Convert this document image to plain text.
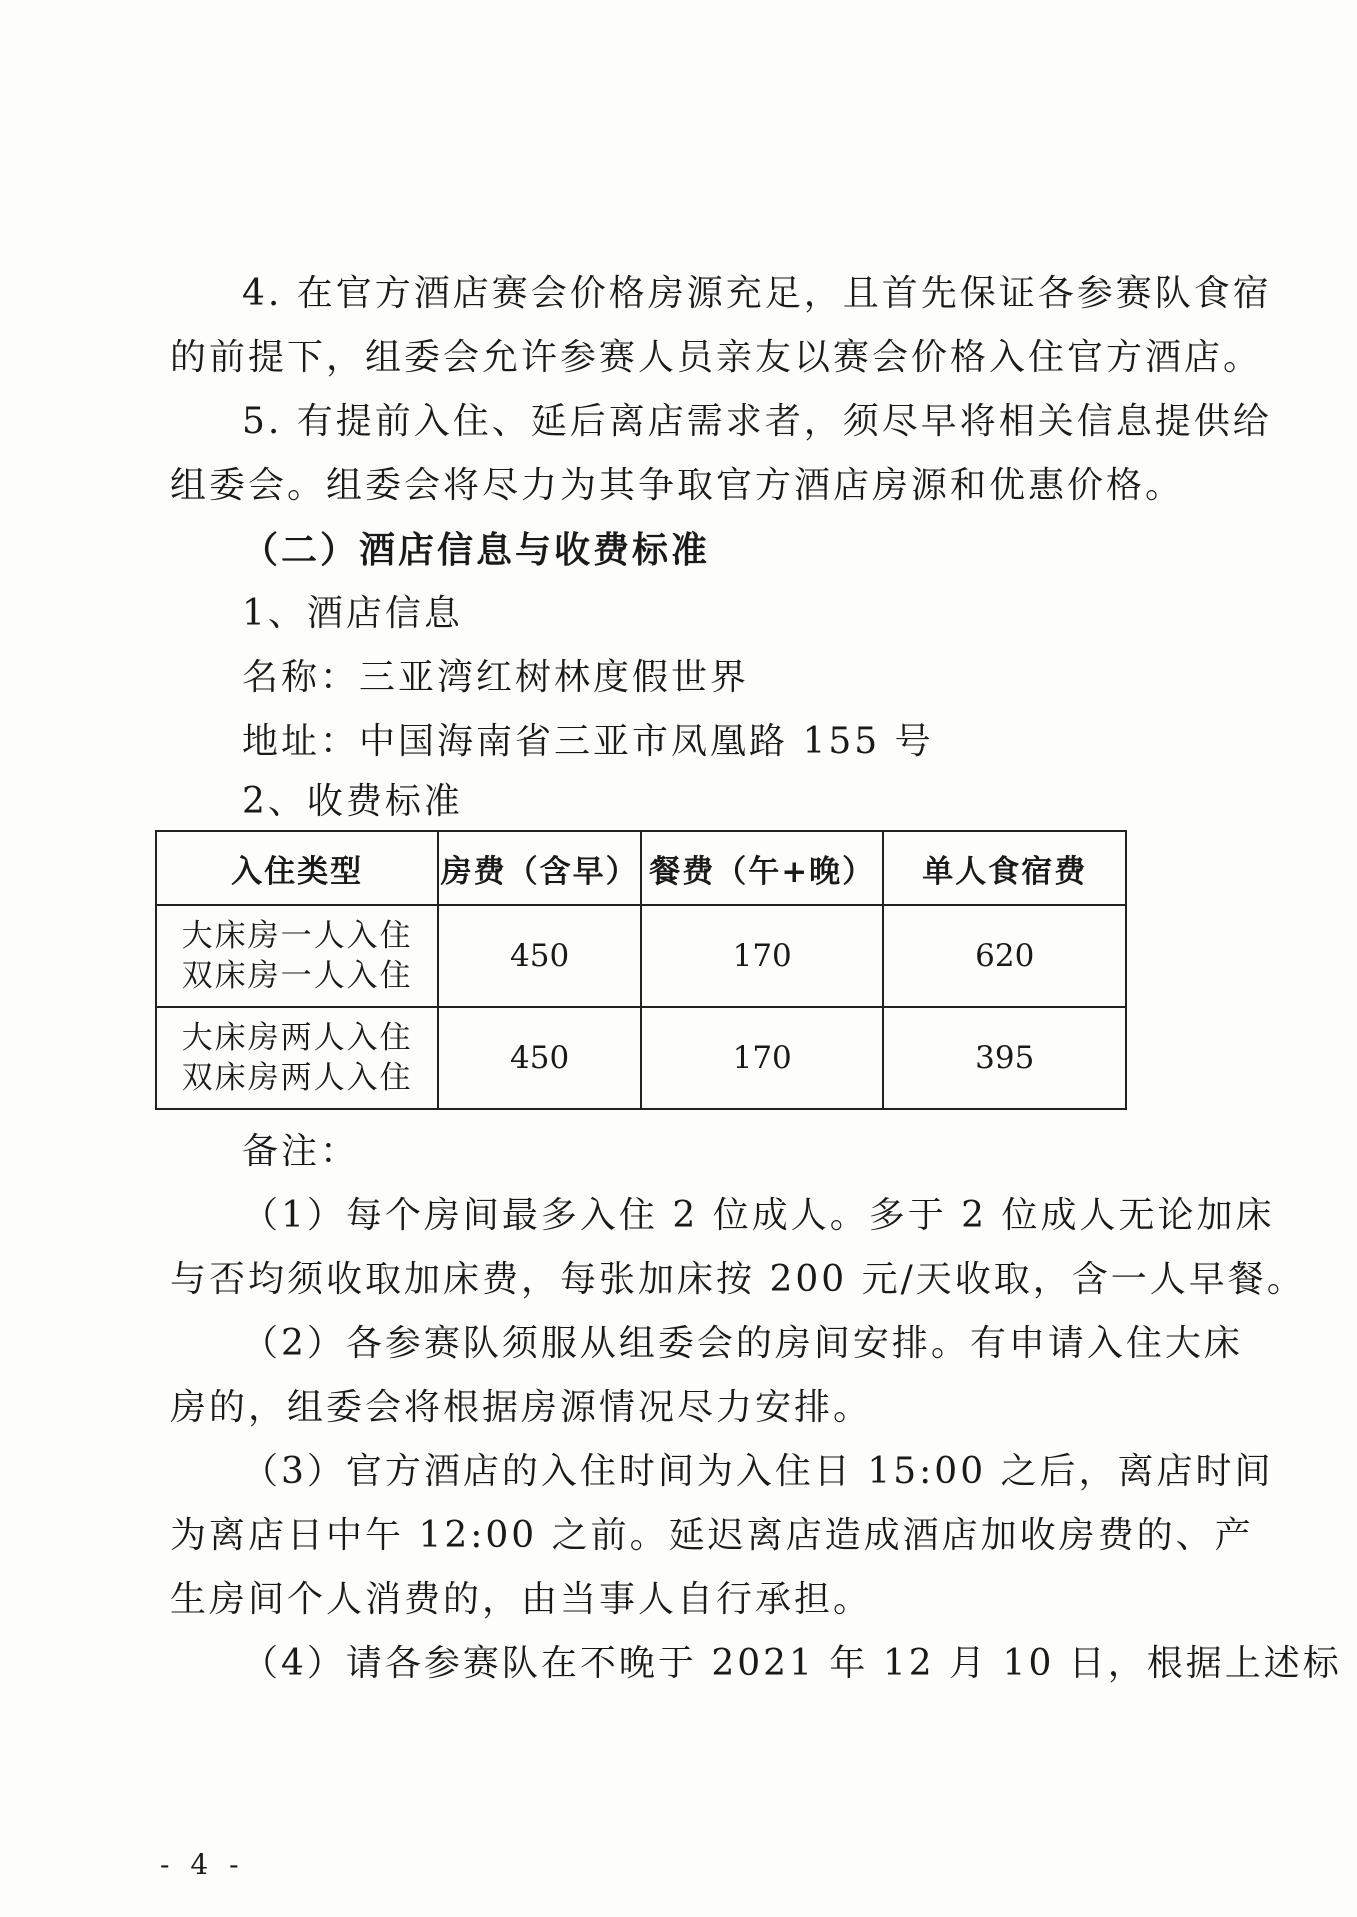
4. 在官方酒店赛会价格房源充足，且首先保证各参赛队食宿
的前提下，组委会允许参赛人员亲友以赛会价格入住官方酒店。
5. 有提前入住、延后离店需求者，须尽早将相关信息提供给
组委会。组委会将尽力为其争取官方酒店房源和优惠价格。
（二）酒店信息与收费标准
1、酒店信息
名称：三亚湾红树林度假世界
地址：中国海南省三亚市凤凰路 155 号
2、收费标准
入住类型	房费（含早）	餐费（午+晚）	单人食宿费

大床房一人入住
双床房一人入住	450	170	620

大床房两人入住
双床房两人入住	450	170	395
备注：
（1）每个房间最多入住 2 位成人。多于 2 位成人无论加床
与否均须收取加床费，每张加床按 200 元/天收取，含一人早餐。
（2）各参赛队须服从组委会的房间安排。有申请入住大床
房的，组委会将根据房源情况尽力安排。
（3）官方酒店的入住时间为入住日 15:00 之后，离店时间
为离店日中午 12:00 之前。延迟离店造成酒店加收房费的、产
生房间个人消费的，由当事人自行承担。
（4）请各参赛队在不晚于 2021 年 12 月 10 日，根据上述标
- 4 -
